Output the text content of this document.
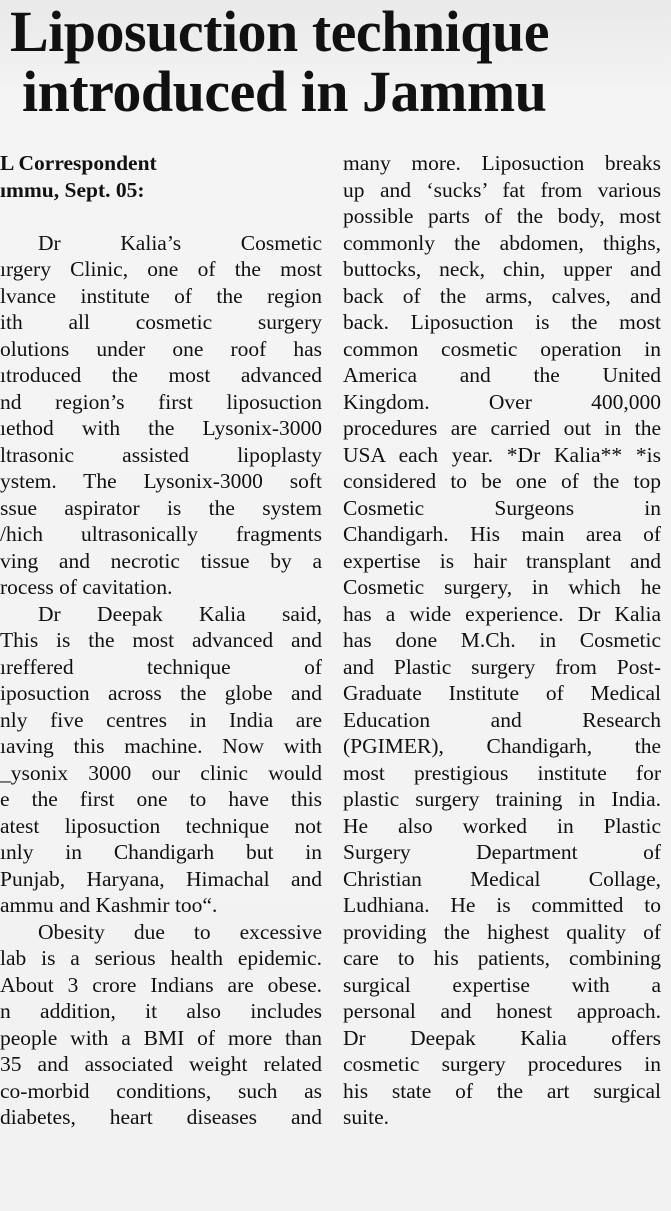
Liposuction technique
introduced in Jammu
L Correspondent
ımmu, Sept. 05:
Dr Kalia’s Cosmetic
ırgery Clinic, one of the most
lvance institute of the region
ith all cosmetic surgery
olutions under one roof has
ıtroduced the most advanced
nd region’s first liposuction
ıethod with the Lysonix-3000
ltrasonic assisted lipoplasty
ystem. The Lysonix-3000 soft
ssue aspirator is the system
/hich ultrasonically fragments
ving and necrotic tissue by a
rocess of cavitation.
Dr Deepak Kalia said,
This is the most advanced and
ıreffered technique of
iposuction across the globe and
nly five centres in India are
ıaving this machine. Now with
_ysonix 3000 our clinic would
e the first one to have this
atest liposuction technique not
ınly in Chandigarh but in
Punjab, Haryana, Himachal and
ammu and Kashmir too“.
Obesity due to excessive
lab is a serious health epidemic.
About 3 crore Indians are obese.
n addition, it also includes
people with a BMI of more than
35 and associated weight related
co-morbid conditions, such as
diabetes, heart diseases and
many more. Liposuction breaks
up and ‘sucks’ fat from various
possible parts of the body, most
commonly the abdomen, thighs,
buttocks, neck, chin, upper and
back of the arms, calves, and
back. Liposuction is the most
common cosmetic operation in
America and the United
Kingdom. Over 400,000
procedures are carried out in the
USA each year. *Dr Kalia** *is
considered to be one of the top
Cosmetic Surgeons in
Chandigarh. His main area of
expertise is hair transplant and
Cosmetic surgery, in which he
has a wide experience. Dr Kalia
has done M.Ch. in Cosmetic
and Plastic surgery from Post-
Graduate Institute of Medical
Education and Research
(PGIMER), Chandigarh, the
most prestigious institute for
plastic surgery training in India.
He also worked in Plastic
Surgery Department of
Christian Medical Collage,
Ludhiana. He is committed to
providing the highest quality of
care to his patients, combining
surgical expertise with a
personal and honest approach.
Dr Deepak Kalia offers
cosmetic surgery procedures in
his state of the art surgical
suite.
